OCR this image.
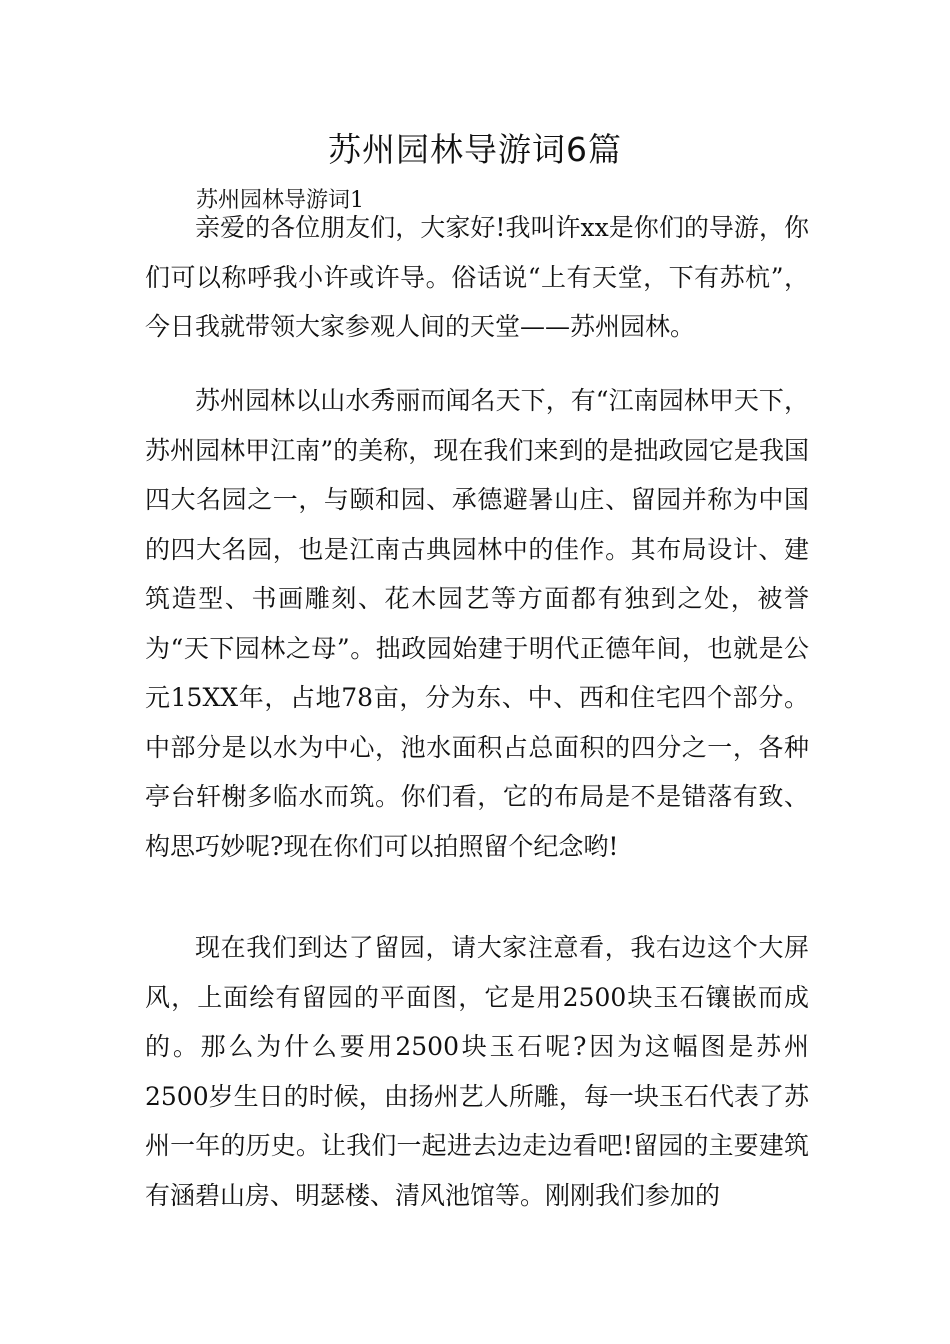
苏州园林导游词6篇
苏州园林导游词1

亲爱的各位朋友们，大家好!我叫许xx是你们的导游，你们可以称呼我小许或许导。俗话说“上有天堂，下有苏杭”，今日我就带领大家参观人间的天堂——苏州园林。

苏州园林以山水秀丽而闻名天下，有“江南园林甲天下，苏州园林甲江南”的美称，现在我们来到的是拙政园它是我国四大名园之一，与颐和园、承德避暑山庄、留园并称为中国的四大名园，也是江南古典园林中的佳作。其布局设计、建筑造型、书画雕刻、花木园艺等方面都有独到之处，被誉为“天下园林之母”。拙政园始建于明代正德年间，也就是公元15XX年，占地78亩，分为东、中、西和住宅四个部分。中部分是以水为中心，池水面积占总面积的四分之一，各种亭台轩榭多临水而筑。你们看，它的布局是不是错落有致、构思巧妙呢?现在你们可以拍照留个纪念哟!

现在我们到达了留园，请大家注意看，我右边这个大屏风，上面绘有留园的平面图，它是用2500块玉石镶嵌而成的。那么为什么要用2500块玉石呢?因为这幅图是苏州2500岁生日的时候，由扬州艺人所雕，每一块玉石代表了苏州一年的历史。让我们一起进去边走边看吧!留园的主要建筑有涵碧山房、明瑟楼、清风池馆等。刚刚我们参加的
